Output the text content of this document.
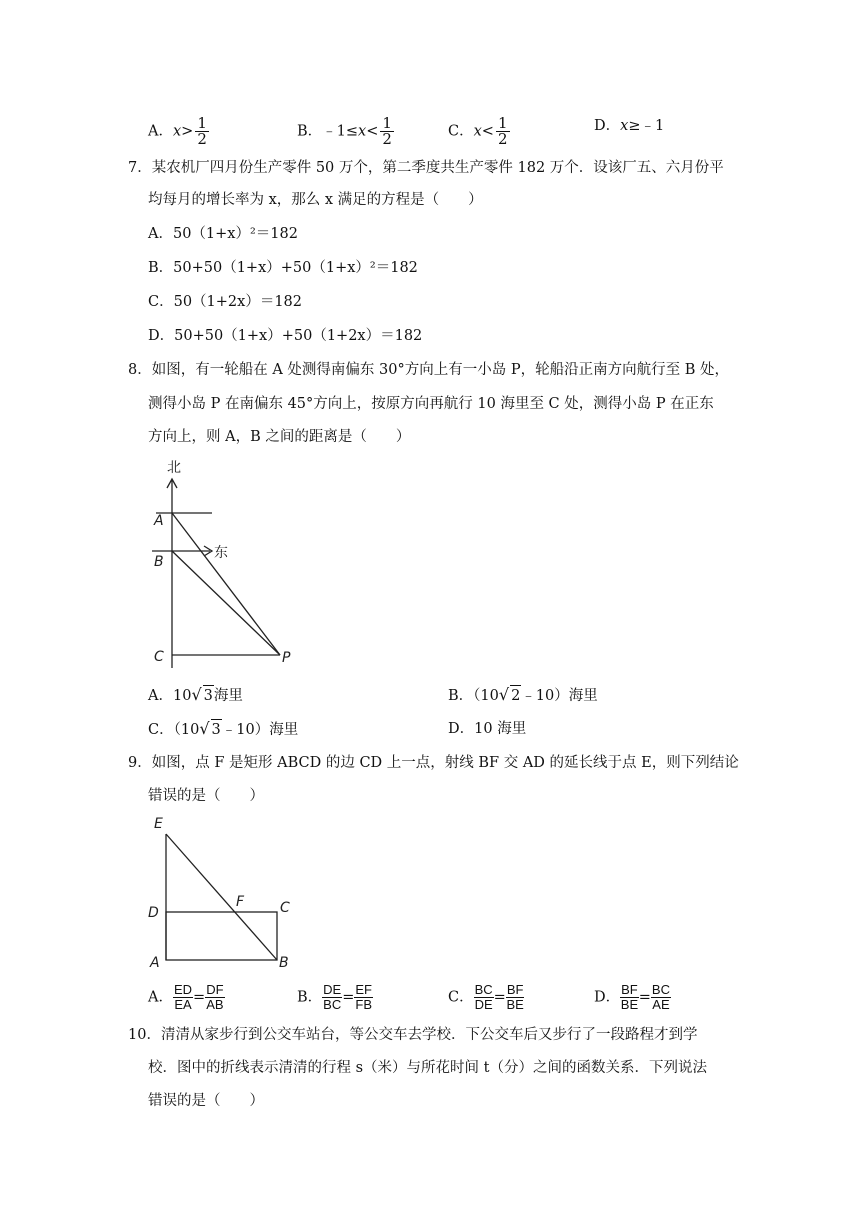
A．$x> \frac{1}{2}$	B．﹣1≤x< $\frac{1}{2}$	C．$x< \frac{1}{2}$	D．x≥﹣1
7．某农机厂四月份生产零件 50 万个，第二季度共生产零件 182 万个．设该厂五、六月份平
均每月的增长率为 x，那么 x 满足的方程是（　　）
A．50（1+x）²＝182
B．50+50（1+x）+50（1+x）²＝182
C．50（1+2x）＝182
D．50+50（1+x）+50（1+2x）＝182
8．如图，有一轮船在 A 处测得南偏东 30°方向上有一小岛 P，轮船沿正南方向航行至 B 处，
测得小岛 P 在南偏东 45°方向上，按原方向再航行 10 海里至 C 处，测得小岛 P 在正东
方向上，则 A，B 之间的距离是（　　）
北
东
A
B
C	P
A．10√ 3海里	B．（10√ 2﹣10）海里
C．（10√ 3﹣10）海里	D．10 海里
9．如图，点 F 是矩形 ABCD 的边 CD 上一点，射线 BF 交 AD 的延长线于点 E，则下列结论
错误的是（　　）
E
F
D	C
A	B
A． $\frac{ED}{EA} = \frac{DF}{AB}$	B． $\frac{DE}{BC} = \frac{EF}{FB}$	C． $\frac{BC}{DE} = \frac{BF}{BE}$	D． $\frac{BF}{BE} = \frac{BC}{AE}$
10．清清从家步行到公交车站台，等公交车去学校．下公交车后又步行了一段路程才到学
校．图中的折线表示清清的行程 s（米）与所花时间 t（分）之间的函数关系．下列说法
错误的是（　　）
